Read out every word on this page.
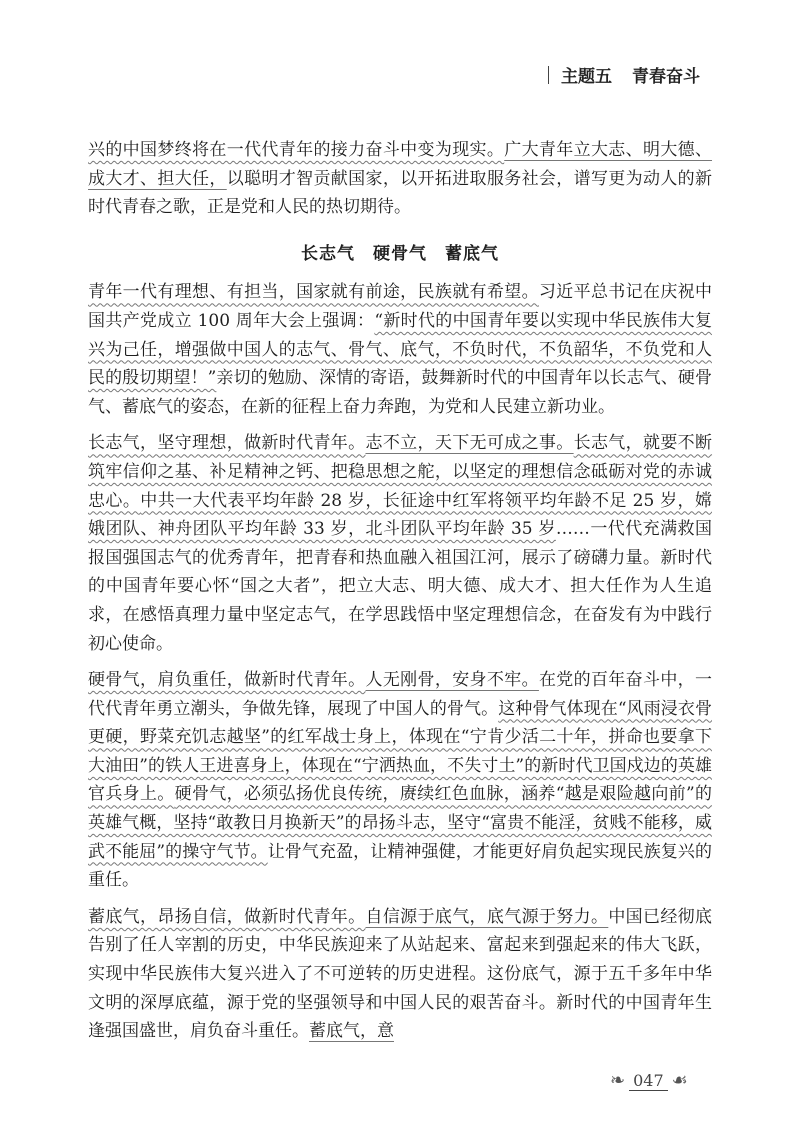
主题五 青春奋斗

兴的中国梦终将在一代代青年的接力奋斗中变为现实。广大青年立大志、明大德、成大才、担大任，以聪明才智贡献国家，以开拓进取服务社会，谱写更为动人的新时代青春之歌，正是党和人民的热切期待。

长志气　硬骨气　蓄底气

青年一代有理想、有担当，国家就有前途，民族就有希望。习近平总书记在庆祝中国共产党成立 100 周年大会上强调：“新时代的中国青年要以实现中华民族伟大复兴为己任，增强做中国人的志气、骨气、底气，不负时代，不负韶华，不负党和人民的殷切期望！”亲切的勉励、深情的寄语，鼓舞新时代的中国青年以长志气、硬骨气、蓄底气的姿态，在新的征程上奋力奔跑，为党和人民建立新功业。

长志气，坚守理想，做新时代青年。志不立，天下无可成之事。长志气，就要不断筑牢信仰之基、补足精神之钙、把稳思想之舵，以坚定的理想信念砥砺对党的赤诚忠心。中共一大代表平均年龄 28 岁，长征途中红军将领平均年龄不足 25 岁，嫦娥团队、神舟团队平均年龄 33 岁，北斗团队平均年龄 35 岁……一代代充满救国报国强国志气的优秀青年，把青春和热血融入祖国江河，展示了磅礴力量。新时代的中国青年要心怀“国之大者”，把立大志、明大德、成大才、担大任作为人生追求，在感悟真理力量中坚定志气，在学思践悟中坚定理想信念，在奋发有为中践行初心使命。

硬骨气，肩负重任，做新时代青年。人无刚骨，安身不牢。在党的百年奋斗中，一代代青年勇立潮头，争做先锋，展现了中国人的骨气。这种骨气体现在“风雨浸衣骨更硬，野菜充饥志越坚”的红军战士身上，体现在“宁肯少活二十年，拼命也要拿下大油田”的铁人王进喜身上，体现在“宁洒热血，不失寸土”的新时代卫国戍边的英雄官兵身上。硬骨气，必须弘扬优良传统，赓续红色血脉，涵养“越是艰险越向前”的英雄气概，坚持“敢教日月换新天”的昂扬斗志，坚守“富贵不能淫，贫贱不能移，威武不能屈”的操守气节。让骨气充盈，让精神强健，才能更好肩负起实现民族复兴的重任。

蓄底气，昂扬自信，做新时代青年。自信源于底气，底气源于努力。中国已经彻底告别了任人宰割的历史，中华民族迎来了从站起来、富起来到强起来的伟大飞跃，实现中华民族伟大复兴进入了不可逆转的历史进程。这份底气，源于五千多年中华文明的深厚底蕴，源于党的坚强领导和中国人民的艰苦奋斗。新时代的中国青年生逢强国盛世，肩负奋斗重任。蓄底气，意

❧ 047 ☙
